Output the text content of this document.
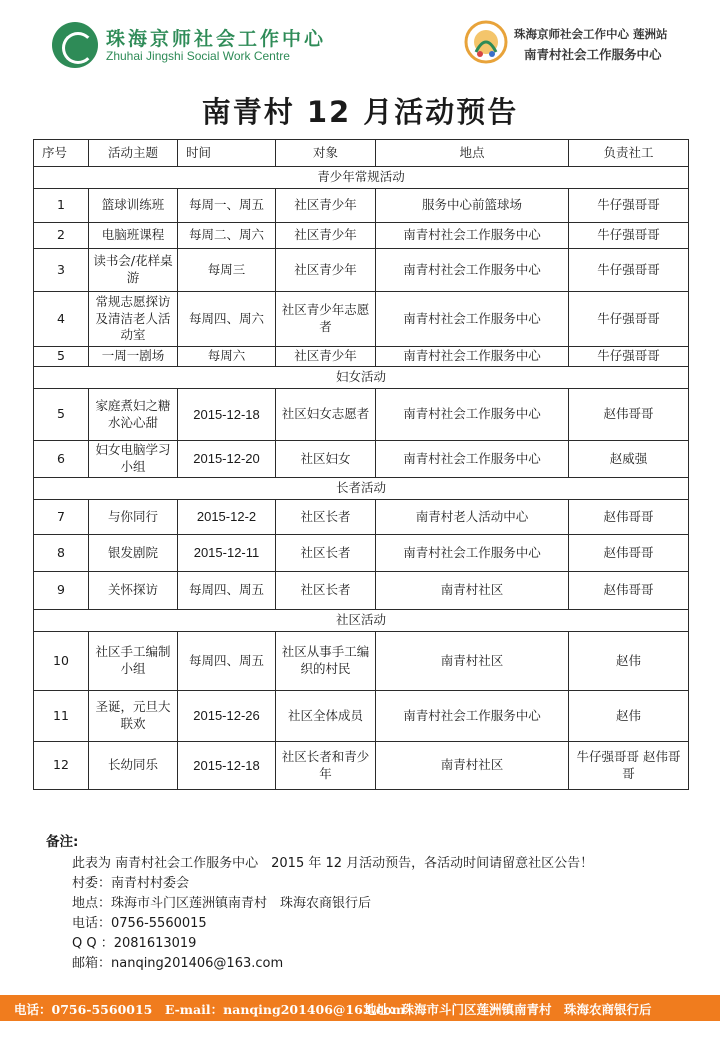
珠海京师社会工作中心
Zhuhai Jingshi Social Work Centre
珠海京师社会工作中心 莲洲站
南青村社会工作服务中心
南青村 12 月活动预告
序号	活动主题	时间	对象	地点	负责社工
青少年常规活动					
1	篮球训练班	每周一、周五	社区青少年	服务中心前篮球场	牛仔强哥哥
2	电脑班课程	每周二、周六	社区青少年	南青村社会工作服务中心	牛仔强哥哥
3	读书会/花样桌游	每周三	社区青少年	南青村社会工作服务中心	牛仔强哥哥
4	常规志愿探访及清洁老人活动室	每周四、周六	社区青少年志愿者	南青村社会工作服务中心	牛仔强哥哥
5	一周一剧场	每周六	社区青少年	南青村社会工作服务中心	牛仔强哥哥
妇女活动					
5	家庭煮妇之糖水沁心甜	2015-12-18	社区妇女志愿者	南青村社会工作服务中心	赵伟哥哥
6	妇女电脑学习小组	2015-12-20	社区妇女	南青村社会工作服务中心	赵威强
长者活动					
7	与你同行	2015-12-2	社区长者	南青村老人活动中心	赵伟哥哥
8	银发剧院	2015-12-11	社区长者	南青村社会工作服务中心	赵伟哥哥
9	关怀探访	每周四、周五	社区长者	南青村社区	赵伟哥哥
社区活动					
10	社区手工编制小组	每周四、周五	社区从事手工编织的村民	南青村社区	赵伟
11	圣诞，元旦大联欢	2015-12-26	社区全体成员	南青村社会工作服务中心	赵伟
12	长幼同乐	2015-12-18	社区长者和青少年	南青村社区	牛仔强哥哥 赵伟哥哥
备注:
此表为 南青村社会工作服务中心　2015 年 12 月活动预告，各活动时间请留意社区公告！
村委：南青村村委会
地点：珠海市斗门区莲洲镇南青村　珠海农商银行后
电话：0756-5560015
Q Q ：2081613019
邮箱：nanqing201406@163.com
电话：0756-5560015　E-mail：nanqing201406@163.com
地址：珠海市斗门区莲洲镇南青村　珠海农商银行后
